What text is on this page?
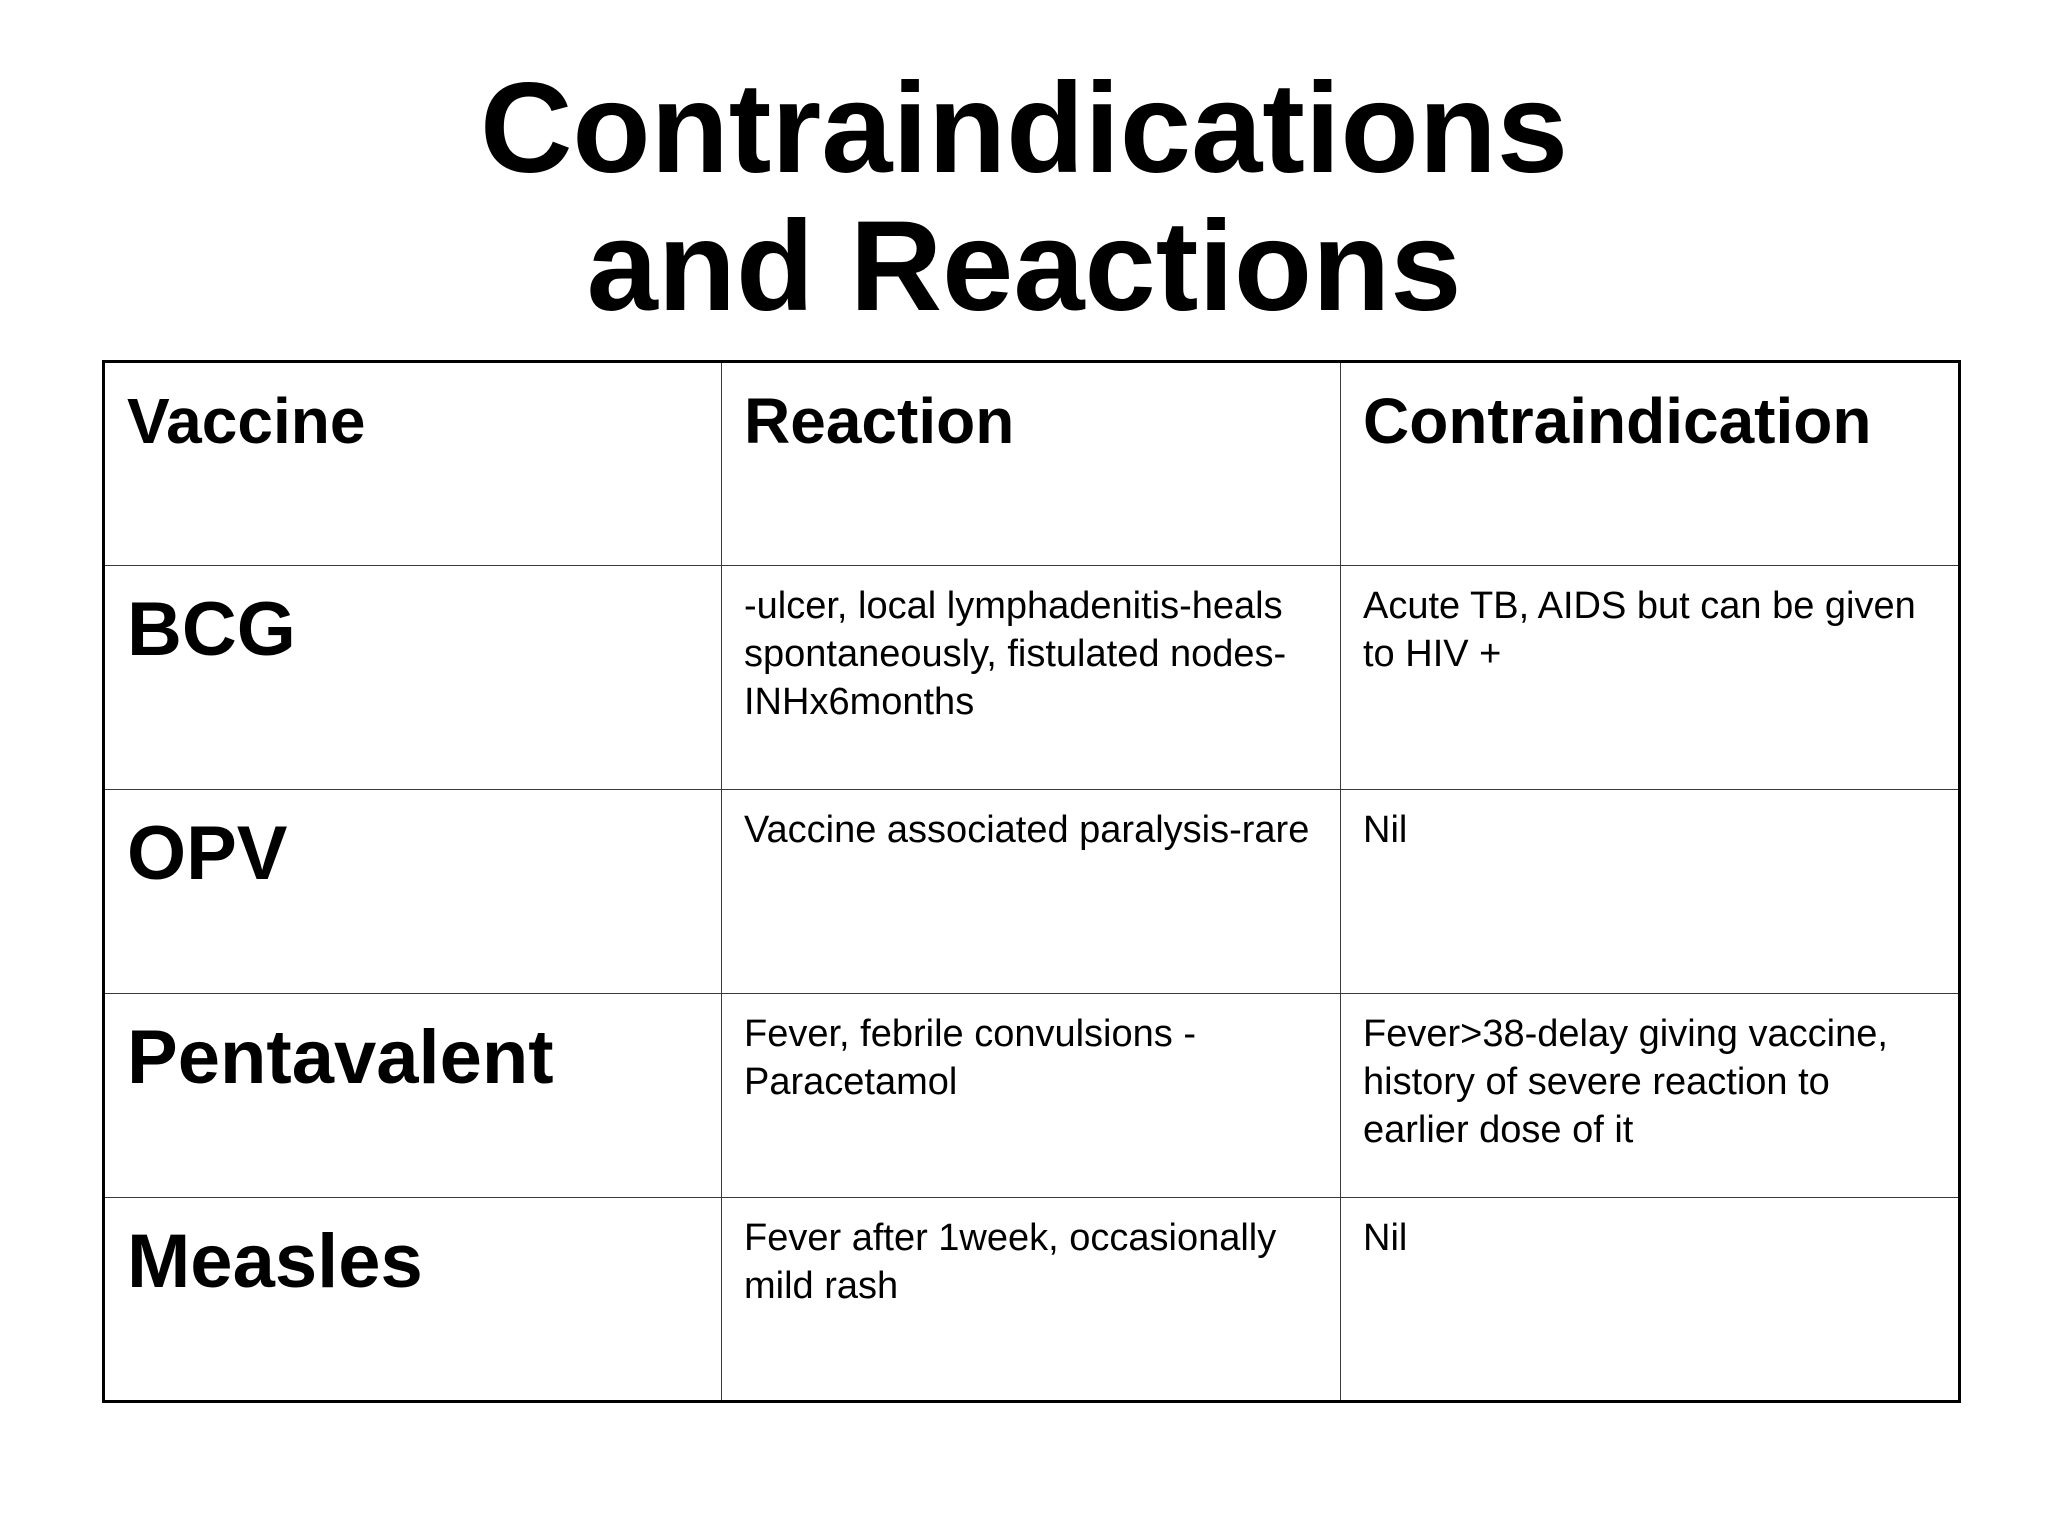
Contraindications
and Reactions
Vaccine	Reaction	Contraindication
BCG	-ulcer, local lymphadenitis-heals spontaneously, fistulated nodes- INHx6months	Acute TB, AIDS but can be given to HIV +
OPV	Vaccine associated paralysis-rare	Nil
Pentavalent	Fever, febrile convulsions - Paracetamol	Fever>38-delay giving vaccine, history of severe reaction to earlier dose of it
Measles	Fever after 1week, occasionally mild rash	Nil
